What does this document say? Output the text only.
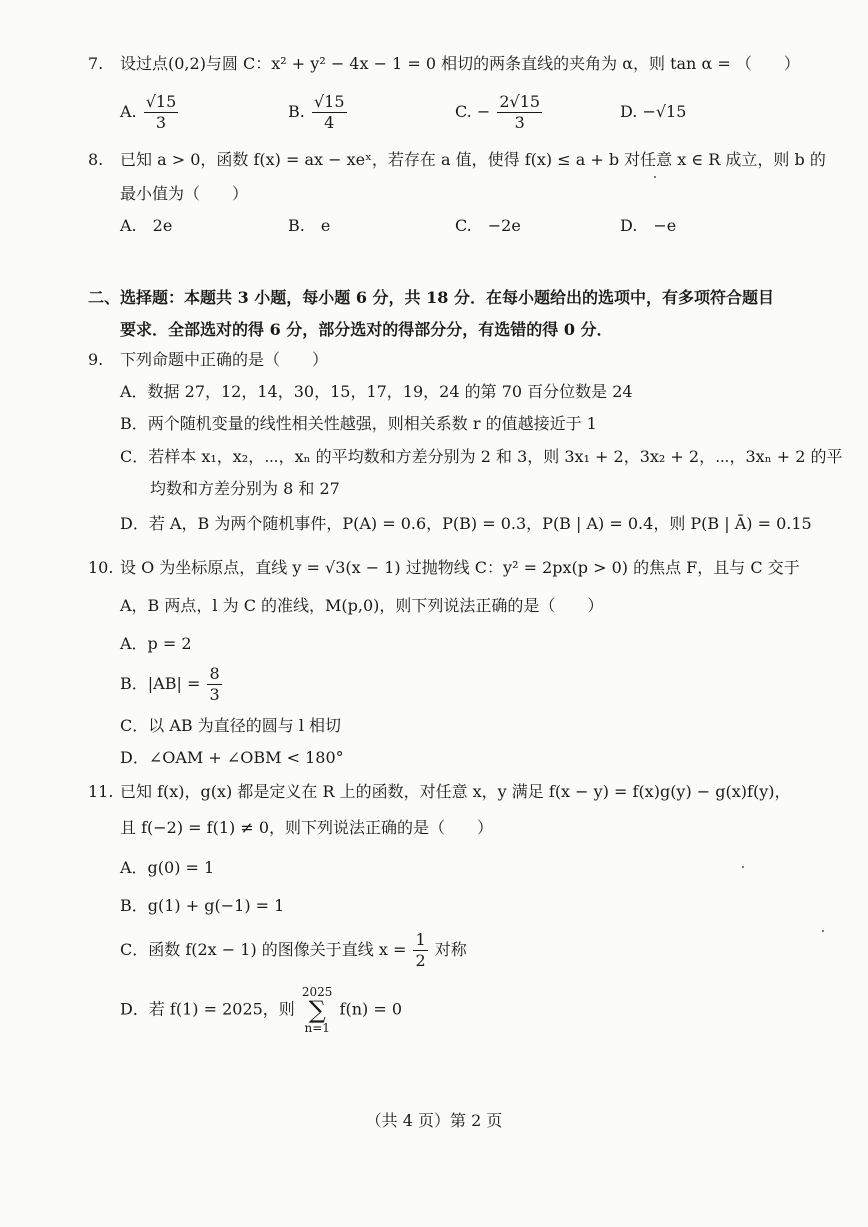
7. 设过点(0,2)与圆 C：x² + y² − 4x − 1 = 0 相切的两条直线的夹角为 α，则 tan α = （　　）
A. $\frac{√15}{3}$	B. $\frac{√15}{4}$	C. − $\frac{2√15}{3}$	D. −√15
8. 已知 a > 0，函数 f(x) = ax − xeˣ，若存在 a 值，使得 f(x) ≤ a + b 对任意 x ∈ R 成立，则 b 的
最小值为（　　）
A.　2e	B.　e	C.　−2e	D.　−e
二、选择题：本题共 3 小题，每小题 6 分，共 18 分．在每小题给出的选项中，有多项符合题目
要求．全部选对的得 6 分，部分选对的得部分分，有选错的得 0 分．
9. 下列命题中正确的是（　　）
A．数据 27，12，14，30，15，17，19，24 的第 70 百分位数是 24
B．两个随机变量的线性相关性越强，则相关系数 r 的值越接近于 1
C．若样本 x₁，x₂，⋯，xₙ 的平均数和方差分别为 2 和 3，则 3x₁ + 2，3x₂ + 2，⋯，3xₙ + 2 的平
均数和方差分别为 8 和 27
D．若 A，B 为两个随机事件，P(A) = 0.6，P(B) = 0.3，P(B | A) = 0.4，则 P(B | Ā) = 0.15
10. 设 O 为坐标原点，直线 y = √3(x − 1) 过抛物线 C：y² = 2px(p > 0) 的焦点 F，且与 C 交于
A，B 两点，l 为 C 的准线，M(p,0)，则下列说法正确的是（　　）
A．p = 2
B．$|AB| = \frac{8}{3}$
C．以 AB 为直径的圆与 l 相切
D．∠OAM + ∠OBM < 180°
11. 已知 f(x)，g(x) 都是定义在 R 上的函数，对任意 x，y 满足 f(x − y) = f(x)g(y) − g(x)f(y)，
且 f(−2) = f(1) ≠ 0，则下列说法正确的是（　　）
A．g(0) = 1
B．g(1) + g(−1) = 1
C．函数 f(2x − 1) 的图像关于直线 $x = \frac{1}{2}$ 对称
D．若 f(1) = 2025，则
2025
∑
n=1
f(n) = 0
（共 4 页）第 2 页
